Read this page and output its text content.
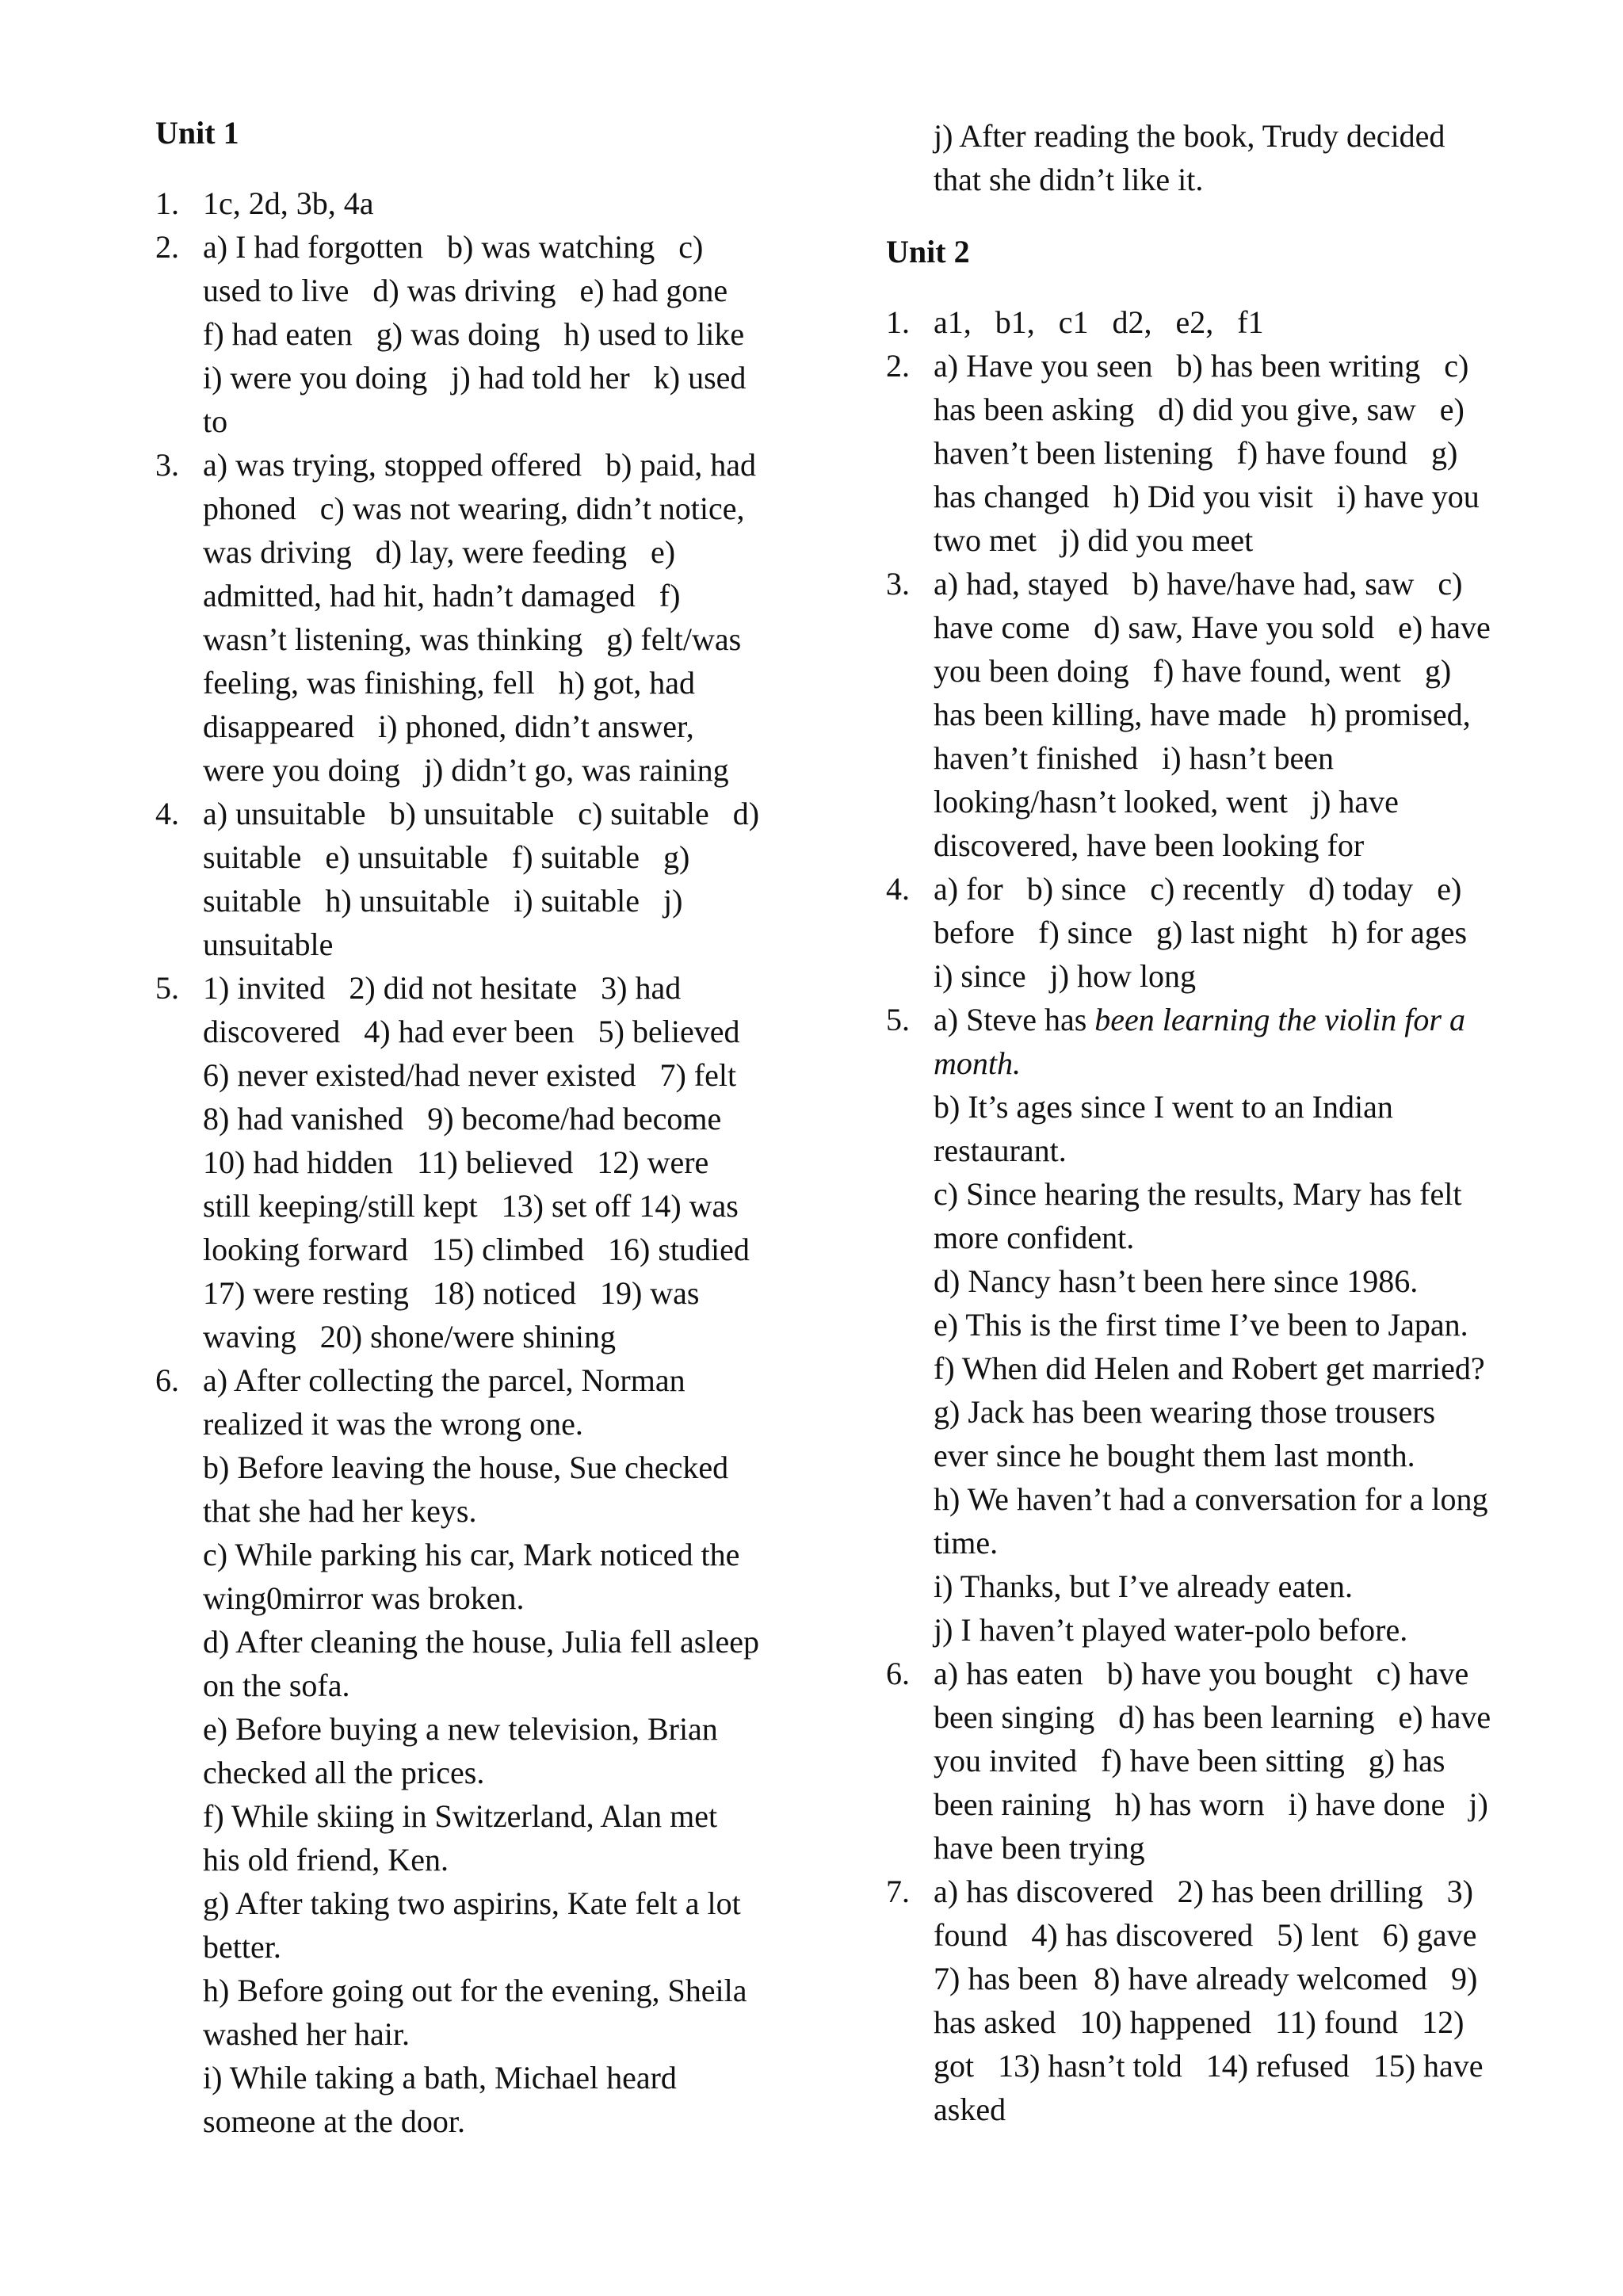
Unit 1

1. 1c, 2d, 3b, 4a
2. a) I had forgotten   b) was watching   c)
used to live   d) was driving   e) had gone
f) had eaten   g) was doing   h) used to like
i) were you doing   j) had told her   k) used
to
3. a) was trying, stopped offered   b) paid, had
phoned   c) was not wearing, didn’t notice,
was driving   d) lay, were feeding   e)
admitted, had hit, hadn’t damaged   f)
wasn’t listening, was thinking   g) felt/was
feeling, was finishing, fell   h) got, had
disappeared   i) phoned, didn’t answer,
were you doing   j) didn’t go, was raining
4. a) unsuitable   b) unsuitable   c) suitable   d)
suitable   e) unsuitable   f) suitable   g)
suitable   h) unsuitable   i) suitable   j)
unsuitable
5. 1) invited   2) did not hesitate   3) had
discovered   4) had ever been   5) believed
6) never existed/had never existed   7) felt
8) had vanished   9) become/had become
10) had hidden   11) believed   12) were
still keeping/still kept   13) set off 14) was
looking forward   15) climbed   16) studied
17) were resting   18) noticed   19) was
waving   20) shone/were shining
6. a) After collecting the parcel, Norman
realized it was the wrong one.
b) Before leaving the house, Sue checked
that she had her keys.
c) While parking his car, Mark noticed the
wing0mirror was broken.
d) After cleaning the house, Julia fell asleep
on the sofa.
e) Before buying a new television, Brian
checked all the prices.
f) While skiing in Switzerland, Alan met
his old friend, Ken.
g) After taking two aspirins, Kate felt a lot
better.
h) Before going out for the evening, Sheila
washed her hair.
i) While taking a bath, Michael heard
someone at the door.
j) After reading the book, Trudy decided
that she didn’t like it.

Unit 2

1. a1,   b1,   c1   d2,   e2,   f1
2. a) Have you seen   b) has been writing   c)
has been asking   d) did you give, saw   e)
haven’t been listening   f) have found   g)
has changed   h) Did you visit   i) have you
two met   j) did you meet
3. a) had, stayed   b) have/have had, saw   c)
have come   d) saw, Have you sold   e) have
you been doing   f) have found, went   g)
has been killing, have made   h) promised,
haven’t finished   i) hasn’t been
looking/hasn’t looked, went   j) have
discovered, have been looking for
4. a) for   b) since   c) recently   d) today   e)
before   f) since   g) last night   h) for ages
i) since   j) how long
5. a) Steve has been learning the violin for a
month.
b) It’s ages since I went to an Indian
restaurant.
c) Since hearing the results, Mary has felt
more confident.
d) Nancy hasn’t been here since 1986.
e) This is the first time I’ve been to Japan.
f) When did Helen and Robert get married?
g) Jack has been wearing those trousers
ever since he bought them last month.
h) We haven’t had a conversation for a long
time.
i) Thanks, but I’ve already eaten.
j) I haven’t played water-polo before.
6. a) has eaten   b) have you bought   c) have
been singing   d) has been learning   e) have
you invited   f) have been sitting   g) has
been raining   h) has worn   i) have done   j)
have been trying
7. a) has discovered   2) has been drilling   3)
found   4) has discovered   5) lent   6) gave
7) has been  8) have already welcomed   9)
has asked   10) happened   11) found   12)
got   13) hasn’t told   14) refused   15) have
asked
